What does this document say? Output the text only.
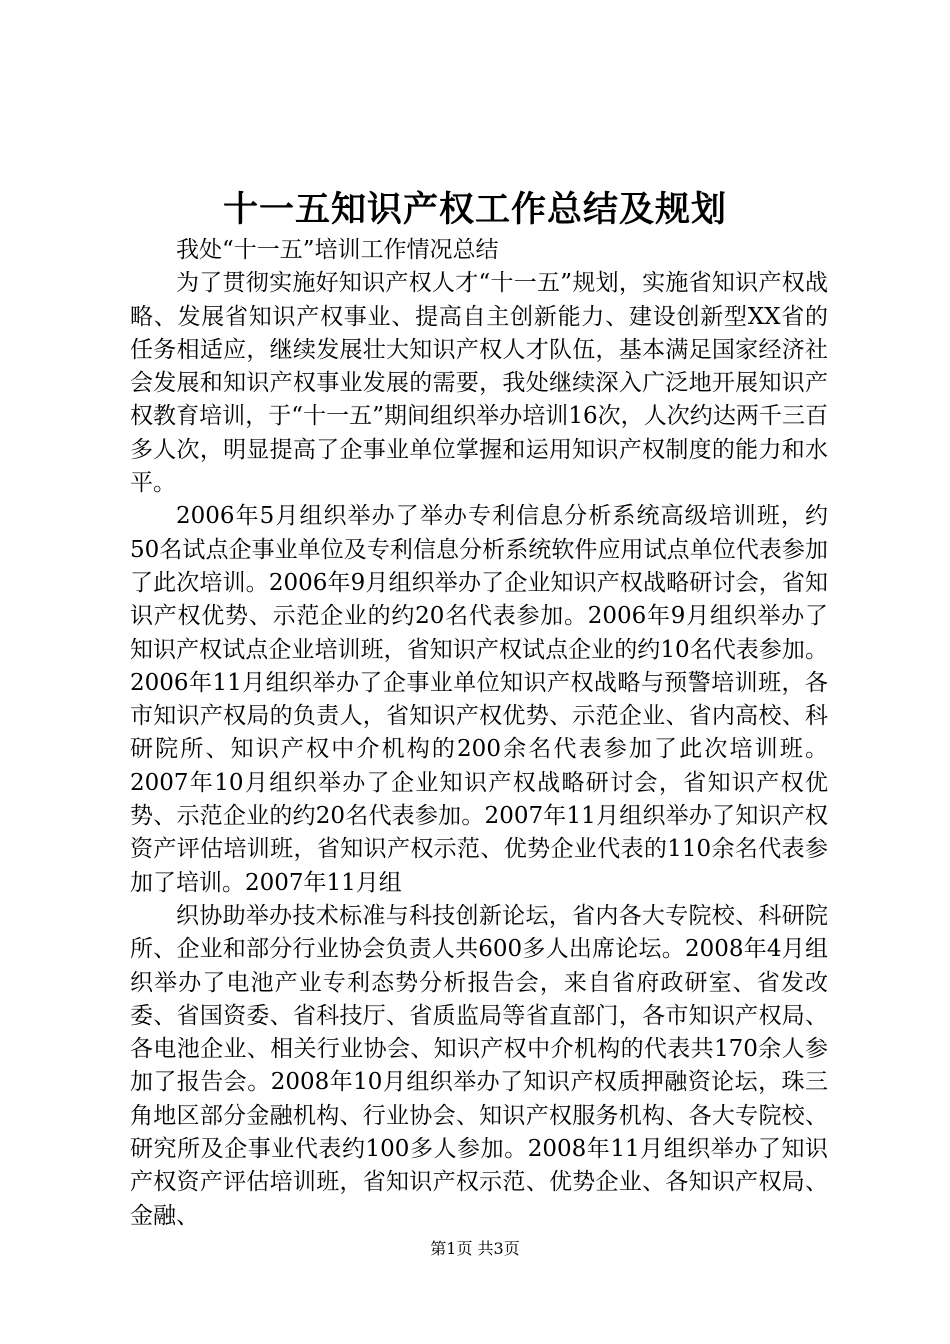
十一五知识产权工作总结及规划

我处“十一五”培训工作情况总结

为了贯彻实施好知识产权人才“十一五”规划，实施省知识产权战略、发展省知识产权事业、提高自主创新能力、建设创新型XX省的任务相适应，继续发展壮大知识产权人才队伍，基本满足国家经济社会发展和知识产权事业发展的需要，我处继续深入广泛地开展知识产权教育培训，于“十一五”期间组织举办培训16次，人次约达两千三百多人次，明显提高了企事业单位掌握和运用知识产权制度的能力和水平。

2006年5月组织举办了举办专利信息分析系统高级培训班，约50名试点企事业单位及专利信息分析系统软件应用试点单位代表参加了此次培训。2006年9月组织举办了企业知识产权战略研讨会，省知识产权优势、示范企业的约20名代表参加。2006年9月组织举办了知识产权试点企业培训班，省知识产权试点企业的约10名代表参加。2006年11月组织举办了企事业单位知识产权战略与预警培训班，各市知识产权局的负责人，省知识产权优势、示范企业、省内高校、科研院所、知识产权中介机构的200余名代表参加了此次培训班。2007年10月组织举办了企业知识产权战略研讨会，省知识产权优势、示范企业的约20名代表参加。2007年11月组织举办了知识产权资产评估培训班，省知识产权示范、优势企业代表的110余名代表参加了培训。2007年11月组

织协助举办技术标准与科技创新论坛，省内各大专院校、科研院所、企业和部分行业协会负责人共600多人出席论坛。2008年4月组织举办了电池产业专利态势分析报告会，来自省府政研室、省发改委、省国资委、省科技厅、省质监局等省直部门，各市知识产权局、各电池企业、相关行业协会、知识产权中介机构的代表共170余人参加了报告会。2008年10月组织举办了知识产权质押融资论坛，珠三角地区部分金融机构、行业协会、知识产权服务机构、各大专院校、研究所及企事业代表约100多人参加。2008年11月组织举办了知识产权资产评估培训班，省知识产权示范、优势企业、各知识产权局、金融、

第1页 共3页
